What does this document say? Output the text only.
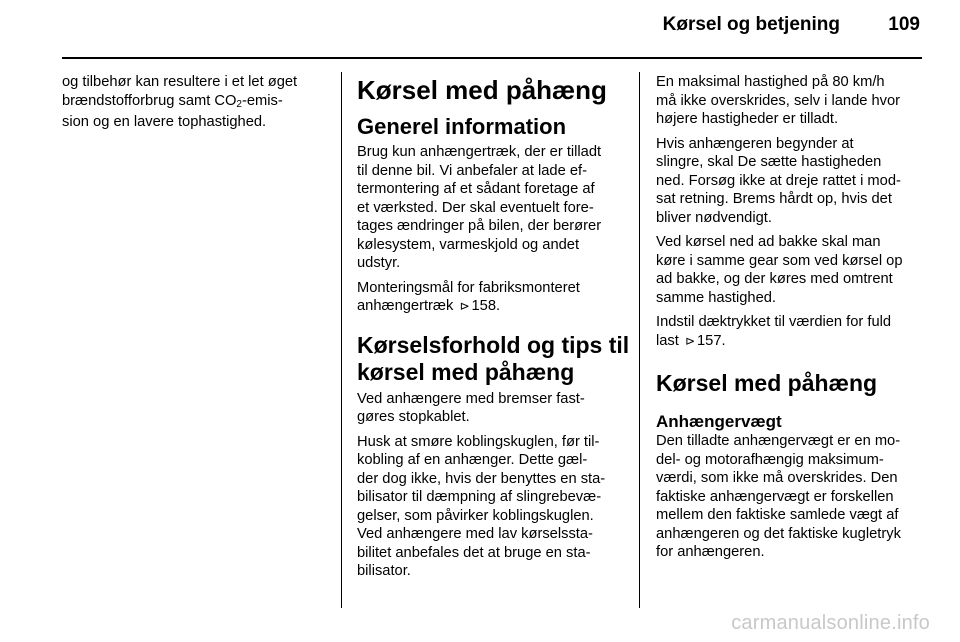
Kørsel og betjening	109
og tilbehør kan resultere i et let øget
brændstofforbrug samt $CO_2-emis-$
sion og en lavere tophastighed.
Kørsel med påhæng
Generel information
Brug kun anhængertræk, der er tilladt
til denne bil. Vi anbefaler at lade ef-
termontering af et sådant foretage af
et værksted. Der skal eventuelt fore-
tages ændringer på bilen, der berører
kølesystem, varmeskjold og andet
udstyr.
Monteringsmål for fabriksmonteret
anhængertræk ⊳ 158.
Kørselsforhold og tips til
kørsel med påhæng
Ved anhængere med bremser fast-
gøres stopkablet.
Husk at smøre koblingskuglen, før til-
kobling af en anhænger. Dette gæl-
der dog ikke, hvis der benyttes en sta-
bilisator til dæmpning af slingrebevæ-
gelser, som påvirker koblingskuglen.
Ved anhængere med lav kørselssta-
bilitet anbefales det at bruge en sta-
bilisator.
En maksimal hastighed på 80 km/h
må ikke overskrides, selv i lande hvor
højere hastigheder er tilladt.
Hvis anhængeren begynder at
slingre, skal De sætte hastigheden
ned. Forsøg ikke at dreje rattet i mod-
sat retning. Brems hårdt op, hvis det
bliver nødvendigt.
Ved kørsel ned ad bakke skal man
køre i samme gear som ved kørsel op
ad bakke, og der køres med omtrent
samme hastighed.
Indstil dæktrykket til værdien for fuld
last ⊳ 157.
Kørsel med påhæng
Anhængervægt
Den tilladte anhængervægt er en mo-
del- og motorafhængig maksimum-
værdi, som ikke må overskrides. Den
faktiske anhængervægt er forskellen
mellem den faktiske samlede vægt af
anhængeren og det faktiske kugletryk
for anhængeren.
carmanualsonline.info
